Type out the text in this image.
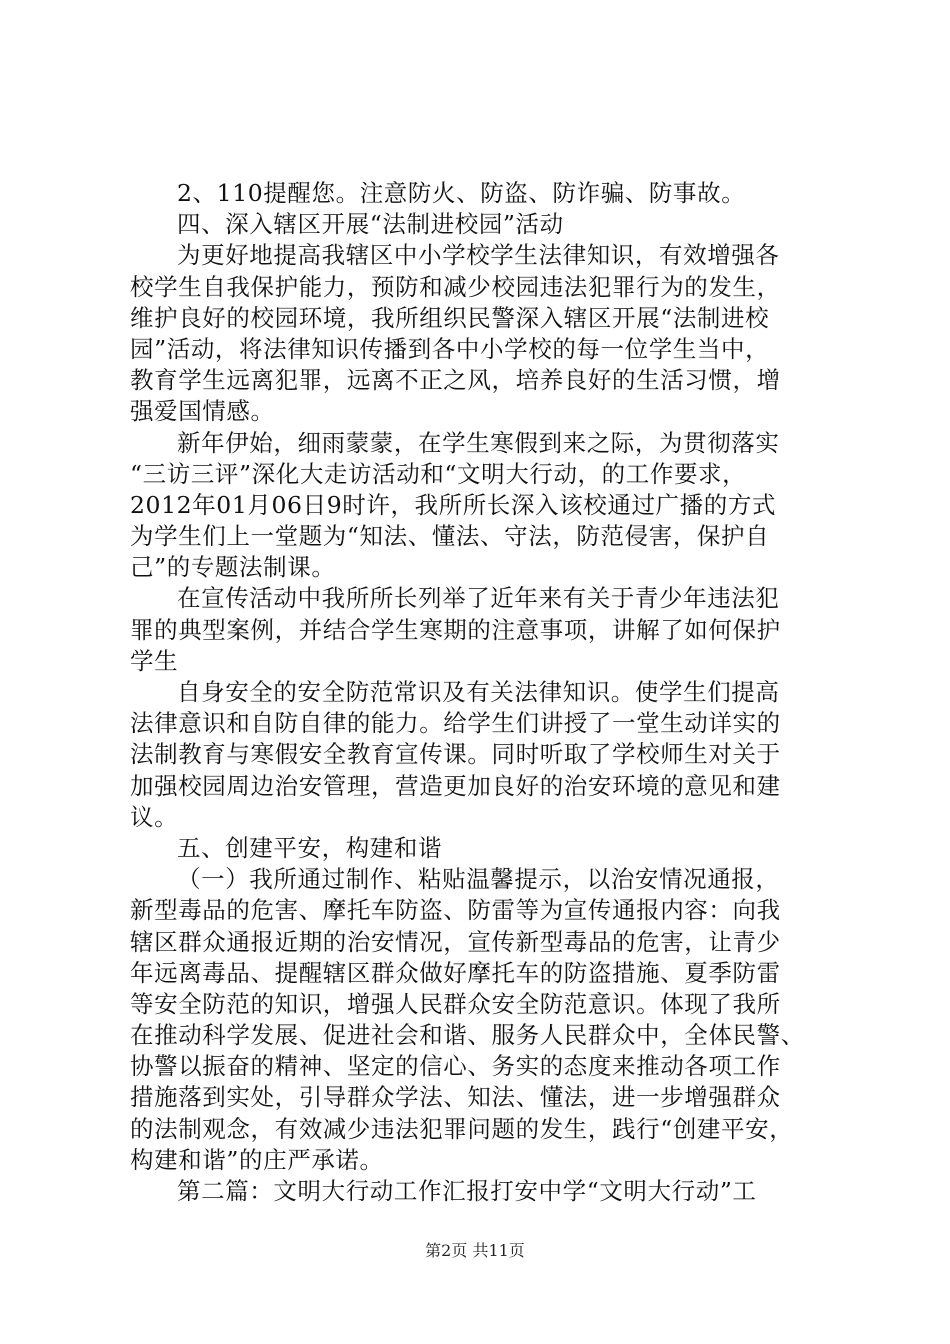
2、110提醒您。注意防火、防盗、防诈骗、防事故。
四、深入辖区开展“法制进校园”活动
为更好地提高我辖区中小学校学生法律知识，有效增强各
校学生自我保护能力，预防和减少校园违法犯罪行为的发生，
维护良好的校园环境，我所组织民警深入辖区开展“法制进校
园”活动，将法律知识传播到各中小学校的每一位学生当中，
教育学生远离犯罪，远离不正之风，培养良好的生活习惯，增
强爱国情感。
新年伊始，细雨蒙蒙，在学生寒假到来之际，为贯彻落实
“三访三评”深化大走访活动和“文明大行动，的工作要求，
2012年01月06日9时许，我所所长深入该校通过广播的方式
为学生们上一堂题为“知法、懂法、守法，防范侵害，保护自
己”的专题法制课。
在宣传活动中我所所长列举了近年来有关于青少年违法犯
罪的典型案例，并结合学生寒期的注意事项，讲解了如何保护
学生
自身安全的安全防范常识及有关法律知识。使学生们提高
法律意识和自防自律的能力。给学生们讲授了一堂生动详实的
法制教育与寒假安全教育宣传课。同时听取了学校师生对关于
加强校园周边治安管理，营造更加良好的治安环境的意见和建
议。
五、创建平安，构建和谐
（一）我所通过制作、粘贴温馨提示，以治安情况通报，
新型毒品的危害、摩托车防盗、防雷等为宣传通报内容：向我
辖区群众通报近期的治安情况，宣传新型毒品的危害，让青少
年远离毒品、提醒辖区群众做好摩托车的防盗措施、夏季防雷
等安全防范的知识，增强人民群众安全防范意识。体现了我所
在推动科学发展、促进社会和谐、服务人民群众中，全体民警、
协警以振奋的精神、坚定的信心、务实的态度来推动各项工作
措施落到实处，引导群众学法、知法、懂法，进一步增强群众
的法制观念，有效减少违法犯罪问题的发生，践行“创建平安，
构建和谐”的庄严承诺。
第二篇：文明大行动工作汇报打安中学“文明大行动”工
第2页 共11页
